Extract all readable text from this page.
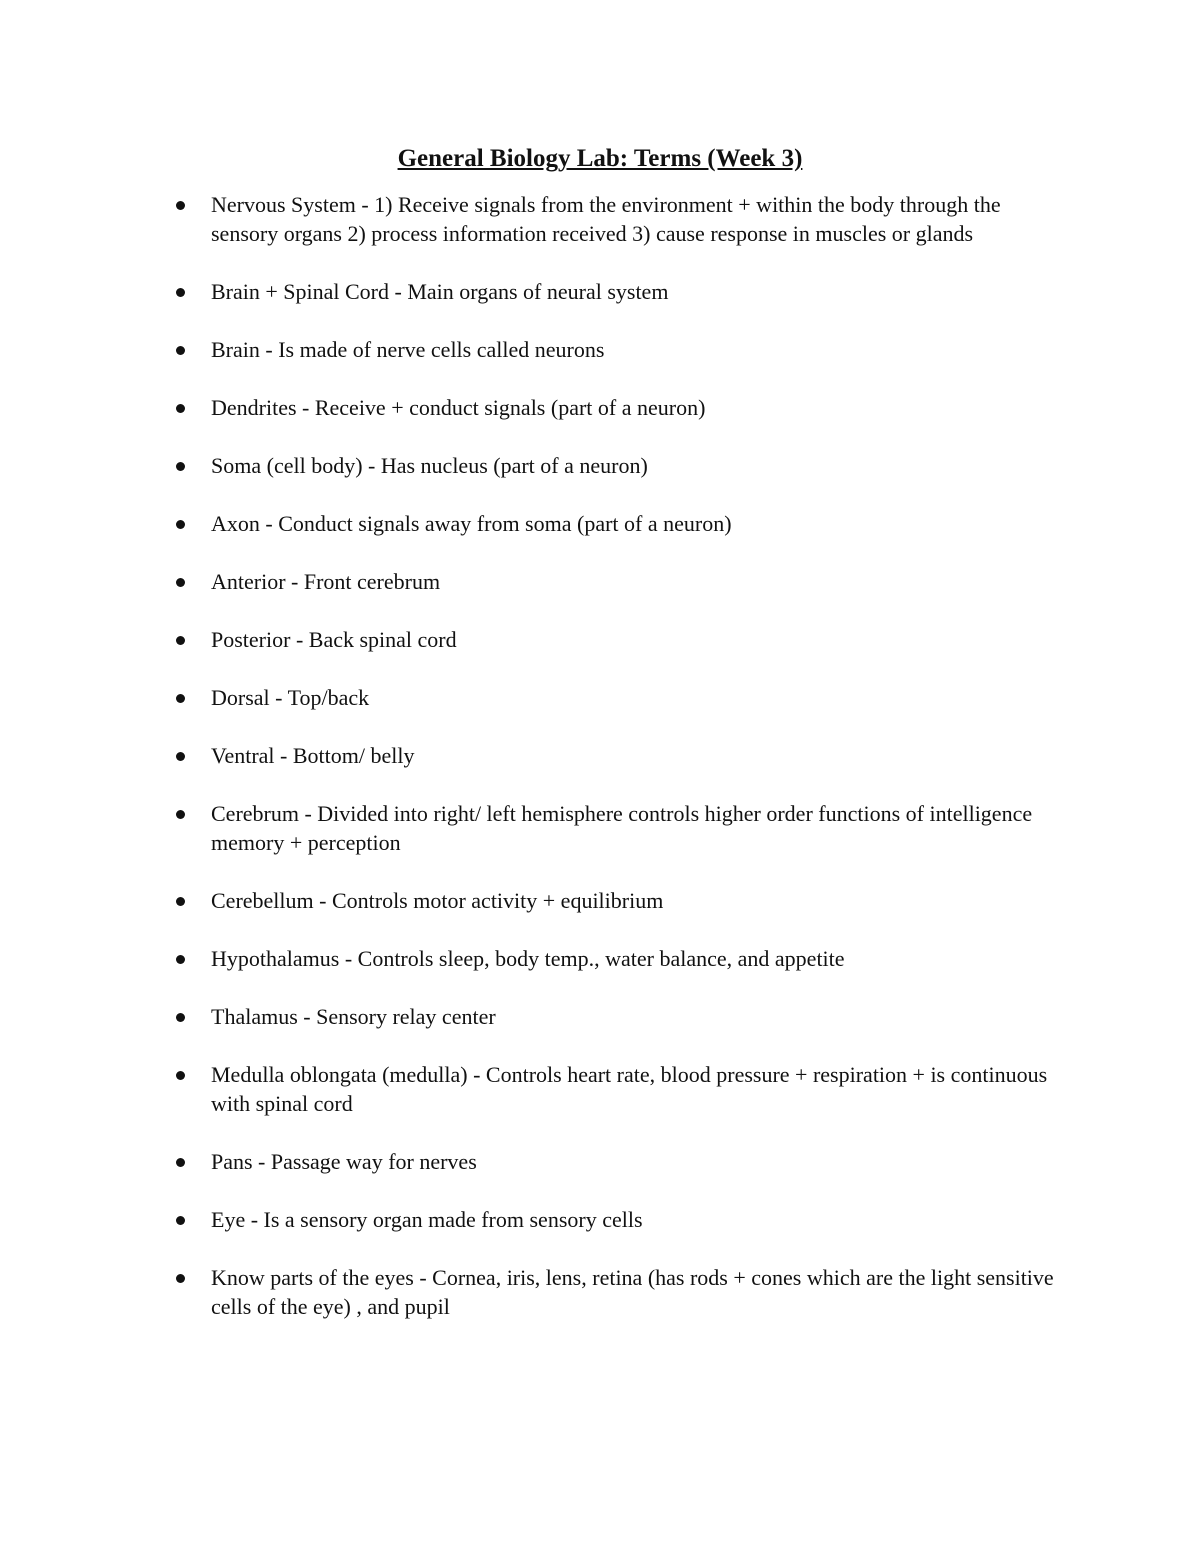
General Biology Lab: Terms (Week 3)
Nervous System - 1) Receive signals from the environment + within the body through the sensory organs 2) process information received 3) cause response in muscles or glands
Brain + Spinal Cord - Main organs of neural system
Brain - Is made of nerve cells called neurons
Dendrites - Receive + conduct signals (part of a neuron)
Soma (cell body) - Has nucleus (part of a neuron)
Axon - Conduct signals away from soma (part of a neuron)
Anterior - Front cerebrum
Posterior - Back spinal cord
Dorsal - Top/back
Ventral - Bottom/ belly
Cerebrum - Divided into right/ left hemisphere controls higher order functions of intelligence memory + perception
Cerebellum - Controls motor activity + equilibrium
Hypothalamus - Controls sleep, body temp., water balance, and appetite
Thalamus - Sensory relay center
Medulla oblongata (medulla) - Controls heart rate, blood pressure + respiration + is continuous with spinal cord
Pans - Passage way for nerves
Eye - Is a sensory organ made from sensory cells
Know parts of the eyes - Cornea, iris, lens, retina (has rods + cones which are the light sensitive cells of the eye) , and pupil
